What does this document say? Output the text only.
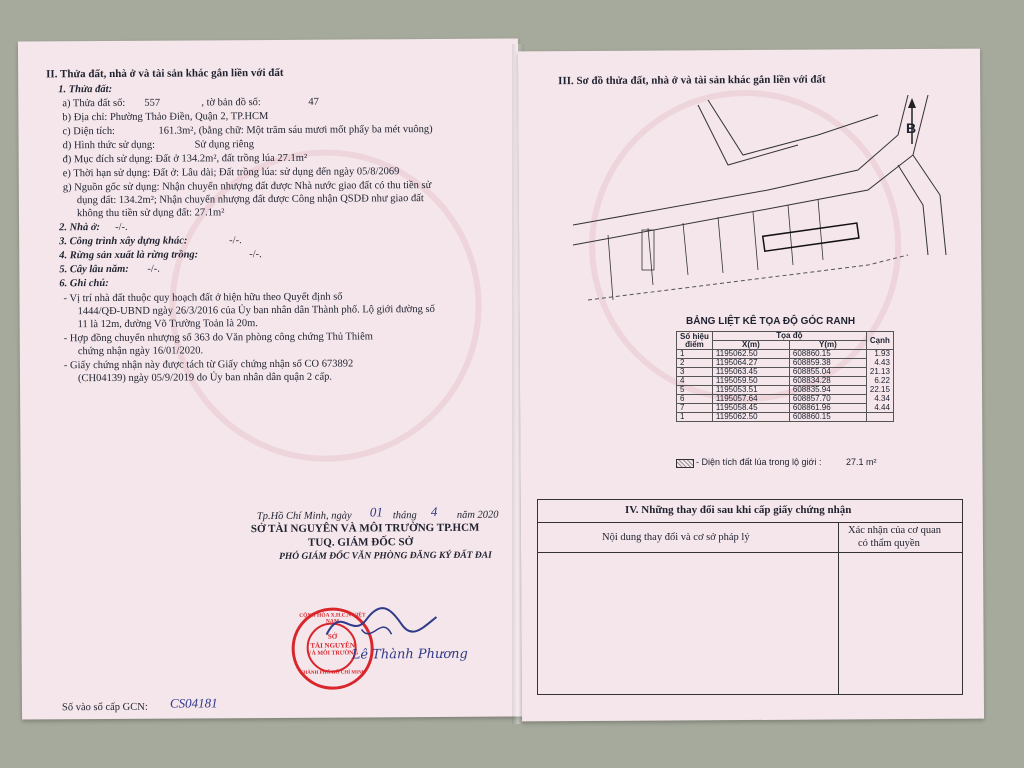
II. Thửa đất, nhà ở và tài sản khác gắn liền với đất
1. Thửa đất:
a) Thửa đất số: 557	, tờ bản đồ số:	47
b) Địa chỉ: Phường Thảo Điền, Quận 2, TP.HCM
c) Diện tích:	161.3m², (bằng chữ: Một trăm sáu mươi mốt phẩy ba mét vuông)
d) Hình thức sử dụng:	Sử dụng riêng
đ) Mục đích sử dụng: Đất ở 134.2m², đất trồng lúa 27.1m²
e) Thời hạn sử dụng: Đất ở: Lâu dài; Đất trồng lúa: sử dụng đến ngày 05/8/2069
g) Nguồn gốc sử dụng: Nhận chuyển nhượng đất được Nhà nước giao đất có thu tiền sử
dụng đất: 134.2m²; Nhận chuyển nhượng đất được Công nhận QSDĐ như giao đất
không thu tiền sử dụng đất: 27.1m²
2. Nhà ở: -/-.
3. Công trình xây dựng khác:	-/-.
4. Rừng sản xuất là rừng trồng:	-/-.
5. Cây lâu năm: -/-.
6. Ghi chú:
- Vị trí nhà đất thuộc quy hoạch đất ở hiện hữu theo Quyết định số
1444/QĐ-UBND ngày 26/3/2016 của Ủy ban nhân dân Thành phố. Lộ giới đường số
11 là 12m, đường Võ Trường Toản là 20m.
- Hợp đồng chuyển nhượng số 363 do Văn phòng công chứng Thủ Thiêm
chứng nhận ngày 16/01/2020.
- Giấy chứng nhận này được tách từ Giấy chứng nhận số CO 673892
(CH04139) ngày 05/9/2019 do Ủy ban nhân dân quận 2 cấp.
Tp.Hồ Chí Minh, ngày 01 tháng 4 năm 2020
SỞ TÀI NGUYÊN VÀ MÔI TRƯỜNG TP.HCM
TUQ. GIÁM ĐỐC SỞ
PHÓ GIÁM ĐỐC VĂN PHÒNG ĐĂNG KÝ ĐẤT ĐAI
CỘNG HÒA X.H.C.N VIỆT NAM
SỞ
TÀI NGUYÊN
VÀ MÔI TRƯỜNG
THÀNH PHỐ HỒ CHÍ MINH
Lê Thành Phương
Số vào sổ cấp GCN: CS04181
III. Sơ đồ thửa đất, nhà ở và tài sản khác gắn liền với đất
B
BẢNG LIỆT KÊ TỌA ĐỘ GÓC RANH
Số hiệu
điểm	Tọa độ		Cạnh
	X(m)	Y(m)	
1	1195062.50	608860.15	1.93
2	1195064.27	608859.38	4.43
3	1195063.45	608855.04	21.13
4	1195059.50	608834.28	6.22
5	1195053.51	608835.94	22.15
6	1195057.64	608857.70	4.34
7	1195058.45	608861.96	4.44
1	1195062.50	608860.15	
- Diện tích đất lúa trong lộ giới :	27.1 m²
IV. Những thay đổi sau khi cấp giấy chứng nhận
Nội dung thay đổi và cơ sở pháp lý
Xác nhận của cơ quan
có thẩm quyền
